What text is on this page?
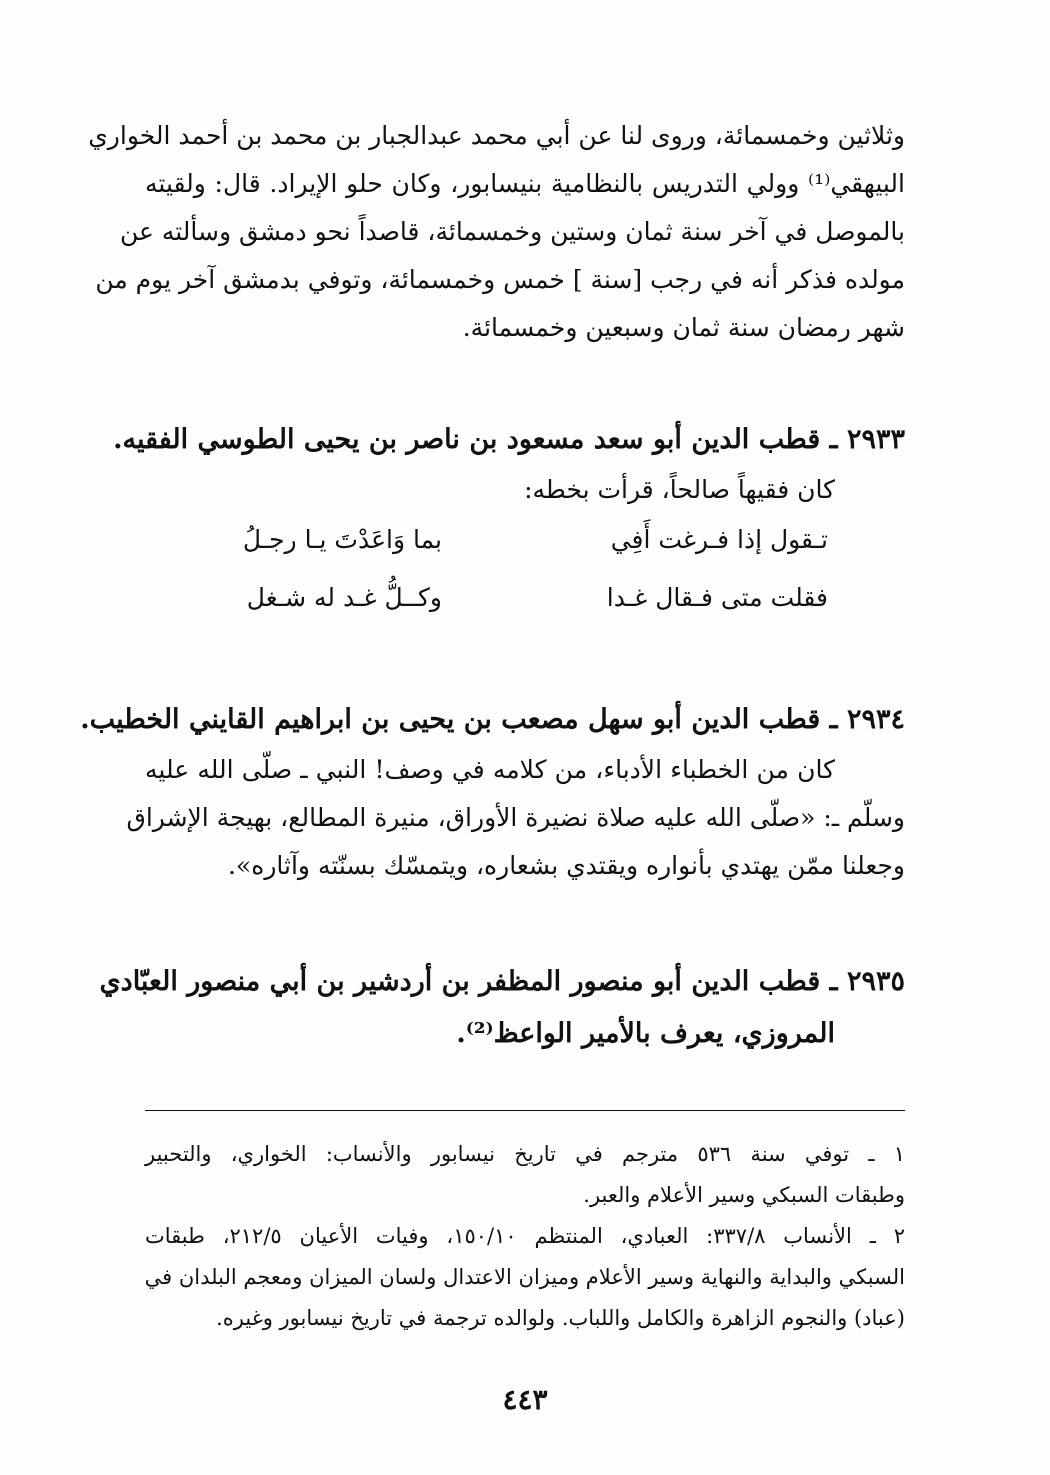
وثلاثين وخمسمائة، وروى لنا عن أبي محمد عبدالجبار بن محمد بن أحمد الخواري
البيهقي⁽¹⁾ وولي التدريس بالنظامية بنيسابور، وكان حلو الإيراد. قال: ولقيته
بالموصل في آخر سنة ثمان وستين وخمسمائة، قاصداً نحو دمشق وسألته عن
مولده فذكر أنه في رجب [سنة ] خمس وخمسمائة، وتوفي بدمشق آخر يوم من
شهر رمضان سنة ثمان وسبعين وخمسمائة.
٢٩٣٣ ـ قطب الدين أبو سعد مسعود بن ناصر بن يحيى الطوسي الفقيه.
كان فقيهاً صالحاً، قرأت بخطه:
تـقول إذا فـرغت أَفِي
بما وَاعَدْتَ يـا رجـلُ
فقلت متى فـقال غـدا
وكــلُّ غـد له شـغل
٢٩٣٤ ـ قطب الدين أبو سهل مصعب بن يحيى بن ابراهيم القايني الخطيب.
كان من الخطباء الأدباء، من كلامه في وصف! النبي ـ صلّى الله عليه
وسلّم ـ: «صلّى الله عليه صلاة نضيرة الأوراق، منيرة المطالع، بهيجة الإشراق
وجعلنا ممّن يهتدي بأنواره ويقتدي بشعاره، ويتمسّك بسنّته وآثاره».
٢٩٣٥ ـ قطب الدين أبو منصور المظفر بن أردشير بن أبي منصور العبّادي
المروزي، يعرف بالأمير الواعظ⁽²⁾.
١ ـ توفي سنة ٥٣٦ مترجم في تاريخ نيسابور والأنساب: الخواري، والتحبير
وطبقات السبكي وسير الأعلام والعبر.
٢ ـ الأنساب ٣٣٧/٨: العبادي، المنتظم ١٥٠/١٠، وفيات الأعيان ٢١٢/٥، طبقات
السبكي والبداية والنهاية وسير الأعلام وميزان الاعتدال ولسان الميزان ومعجم البلدان في
(عباد) والنجوم الزاهرة والكامل واللباب. ولوالده ترجمة في تاريخ نيسابور وغيره.
٤٤٣
